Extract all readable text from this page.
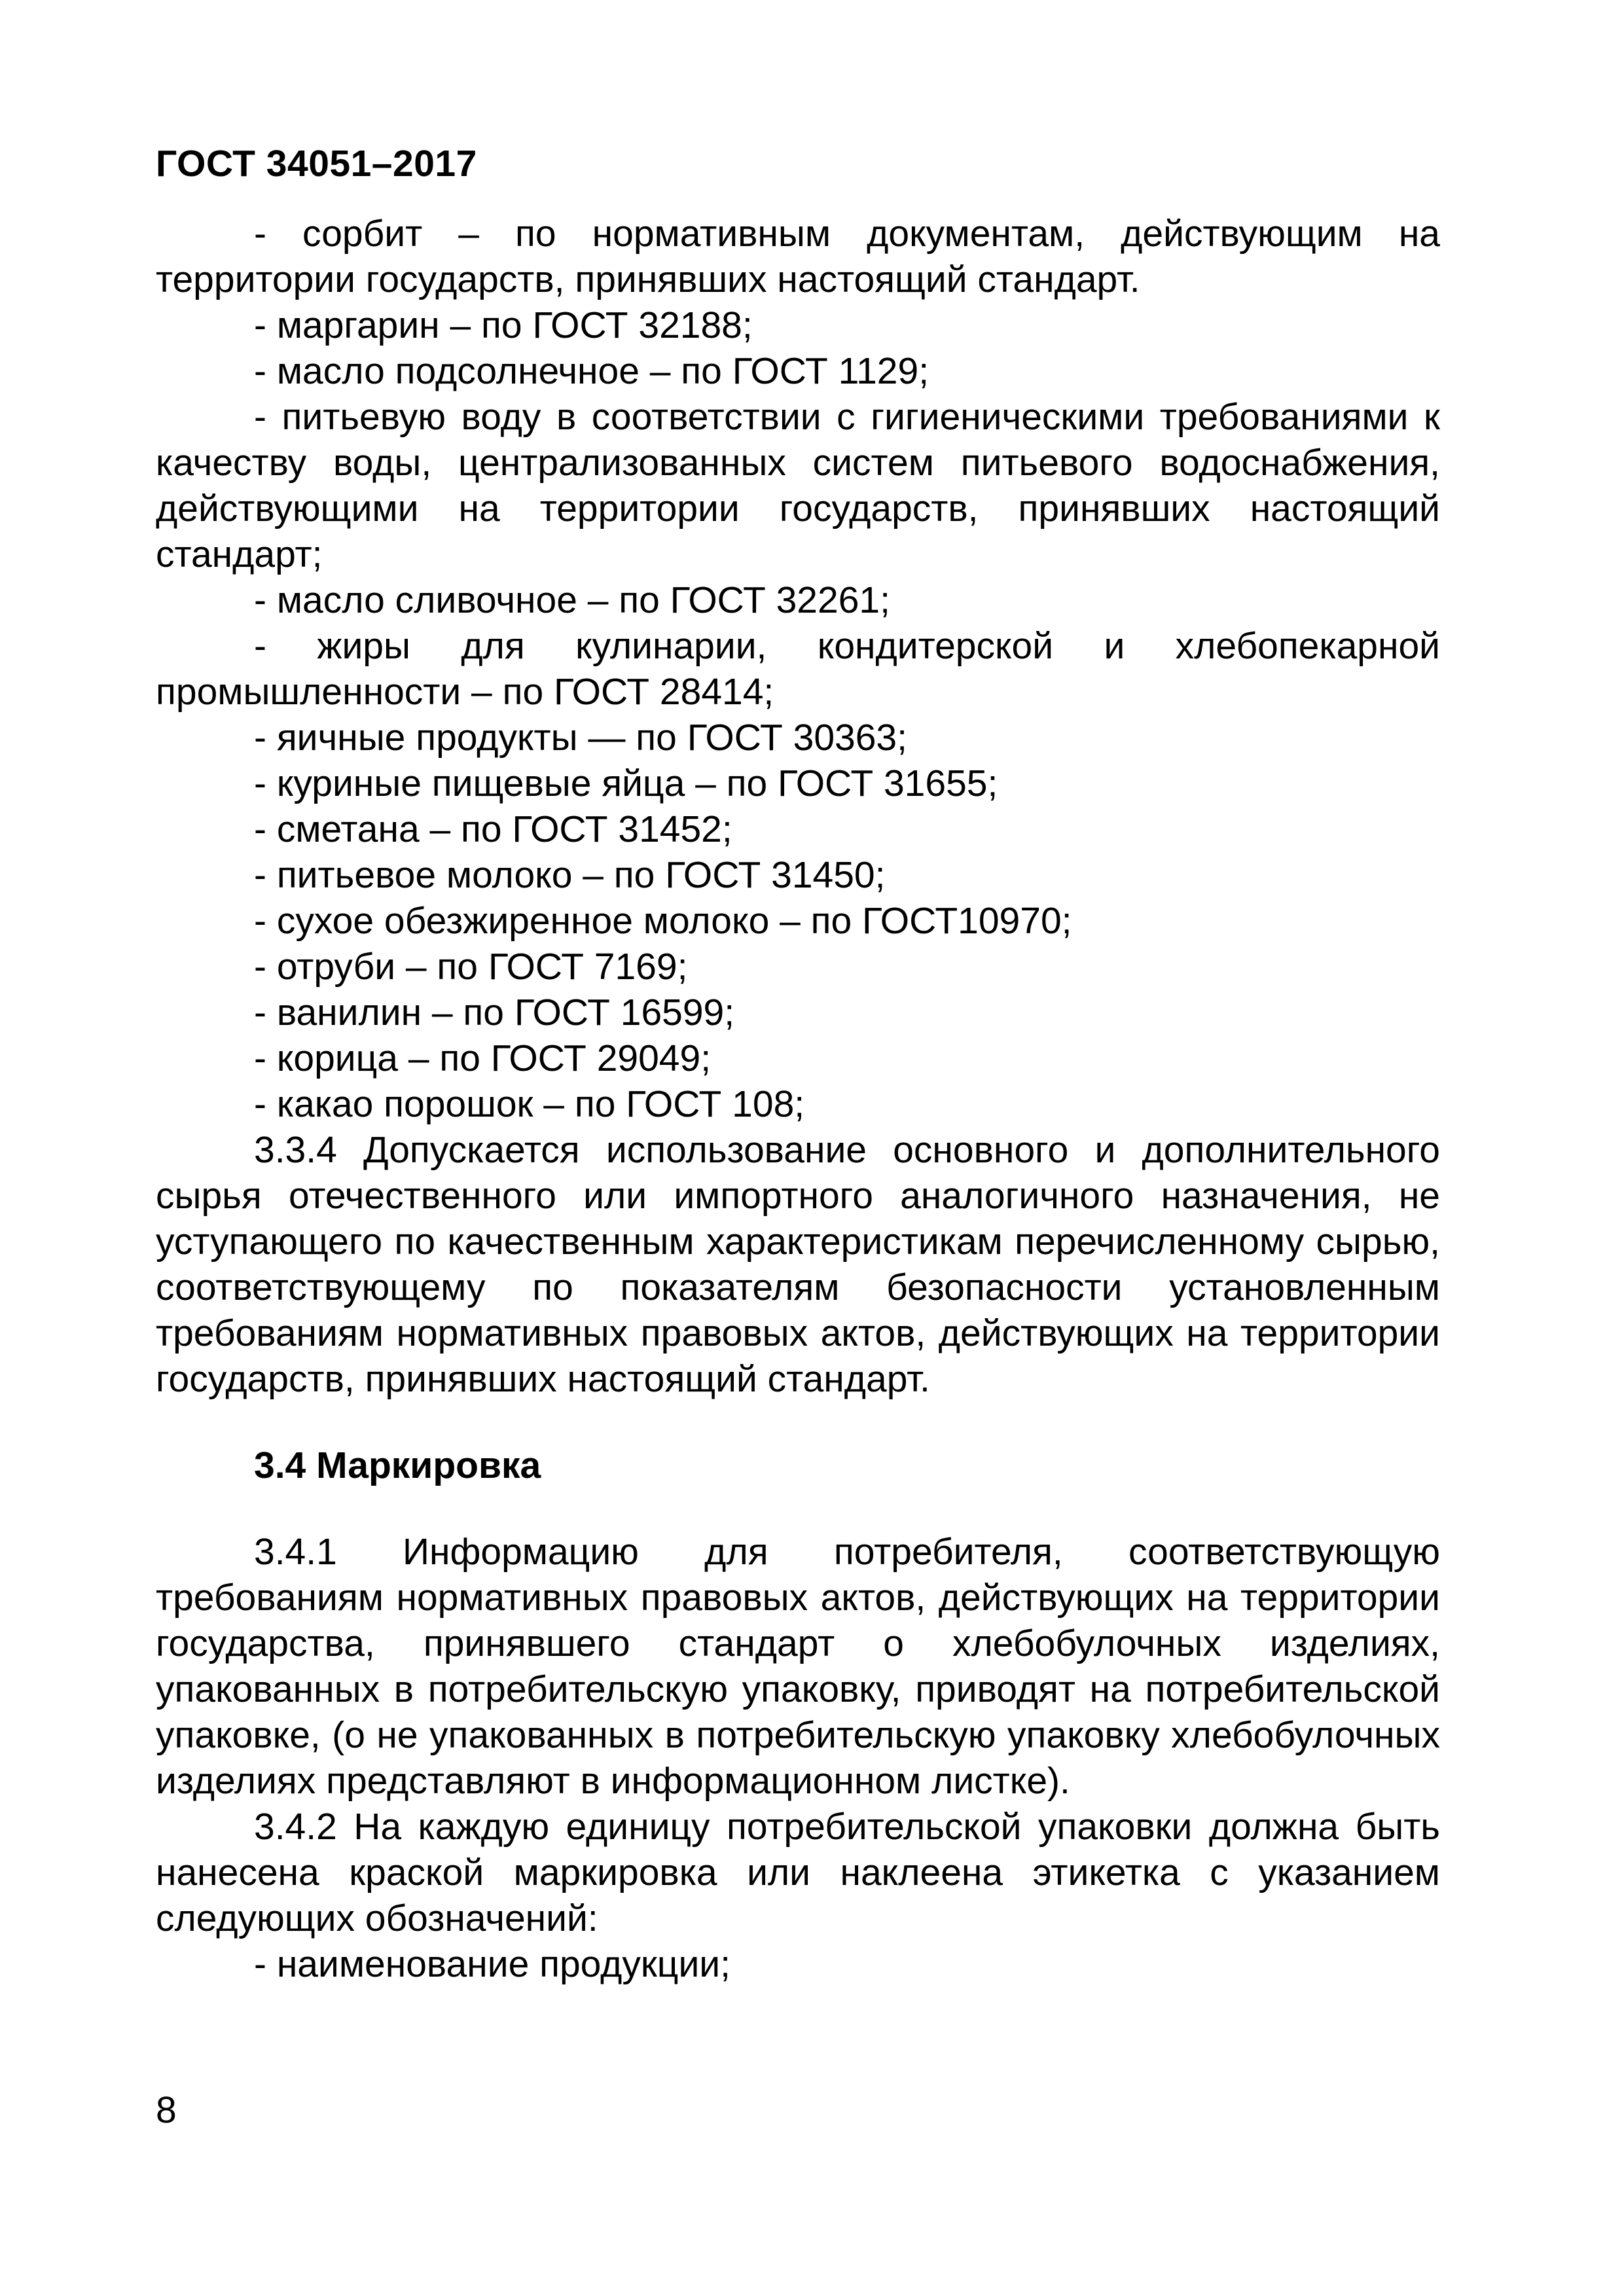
ГОСТ 34051–2017

- сорбит – по нормативным документам, действующим на территории государств, принявших настоящий стандарт.

- маргарин – по ГОСТ 32188;

- масло подсолнечное – по ГОСТ 1129;

- питьевую воду в соответствии с гигиеническими требованиями к качеству воды, централизованных систем питьевого водоснабжения, действующими на территории государств, принявших настоящий стандарт;

- масло сливочное – по ГОСТ 32261;

- жиры для кулинарии, кондитерской и хлебопекарной промышленности – по ГОСТ 28414;

- яичные продукты — по ГОСТ 30363;

- куриные пищевые яйца – по ГОСТ 31655;

- сметана – по ГОСТ 31452;

- питьевое молоко – по ГОСТ 31450;

- сухое обезжиренное молоко – по ГОСТ10970;

- отруби – по ГОСТ 7169;

- ванилин – по ГОСТ 16599;

- корица – по ГОСТ 29049;

- какао порошок – по ГОСТ 108;

3.3.4 Допускается использование основного и дополнительного сырья отечественного или импортного аналогичного назначения, не уступающего по качественным характеристикам перечисленному сырью, соответствующему по показателям безопасности установленным требованиям нормативных правовых актов, действующих на территории государств, принявших настоящий стандарт.

3.4 Маркировка

3.4.1 Информацию для потребителя, соответствующую требованиям нормативных правовых актов, действующих на территории государства, принявшего стандарт о хлебобулочных изделиях, упакованных в потребительскую упаковку, приводят на потребительской упаковке, (о не упакованных в потребительскую упаковку хлебобулочных изделиях представляют в информационном листке).

3.4.2 На каждую единицу потребительской упаковки должна быть нанесена краской маркировка или наклеена этикетка с указанием следующих обозначений:

- наименование продукции;

8
